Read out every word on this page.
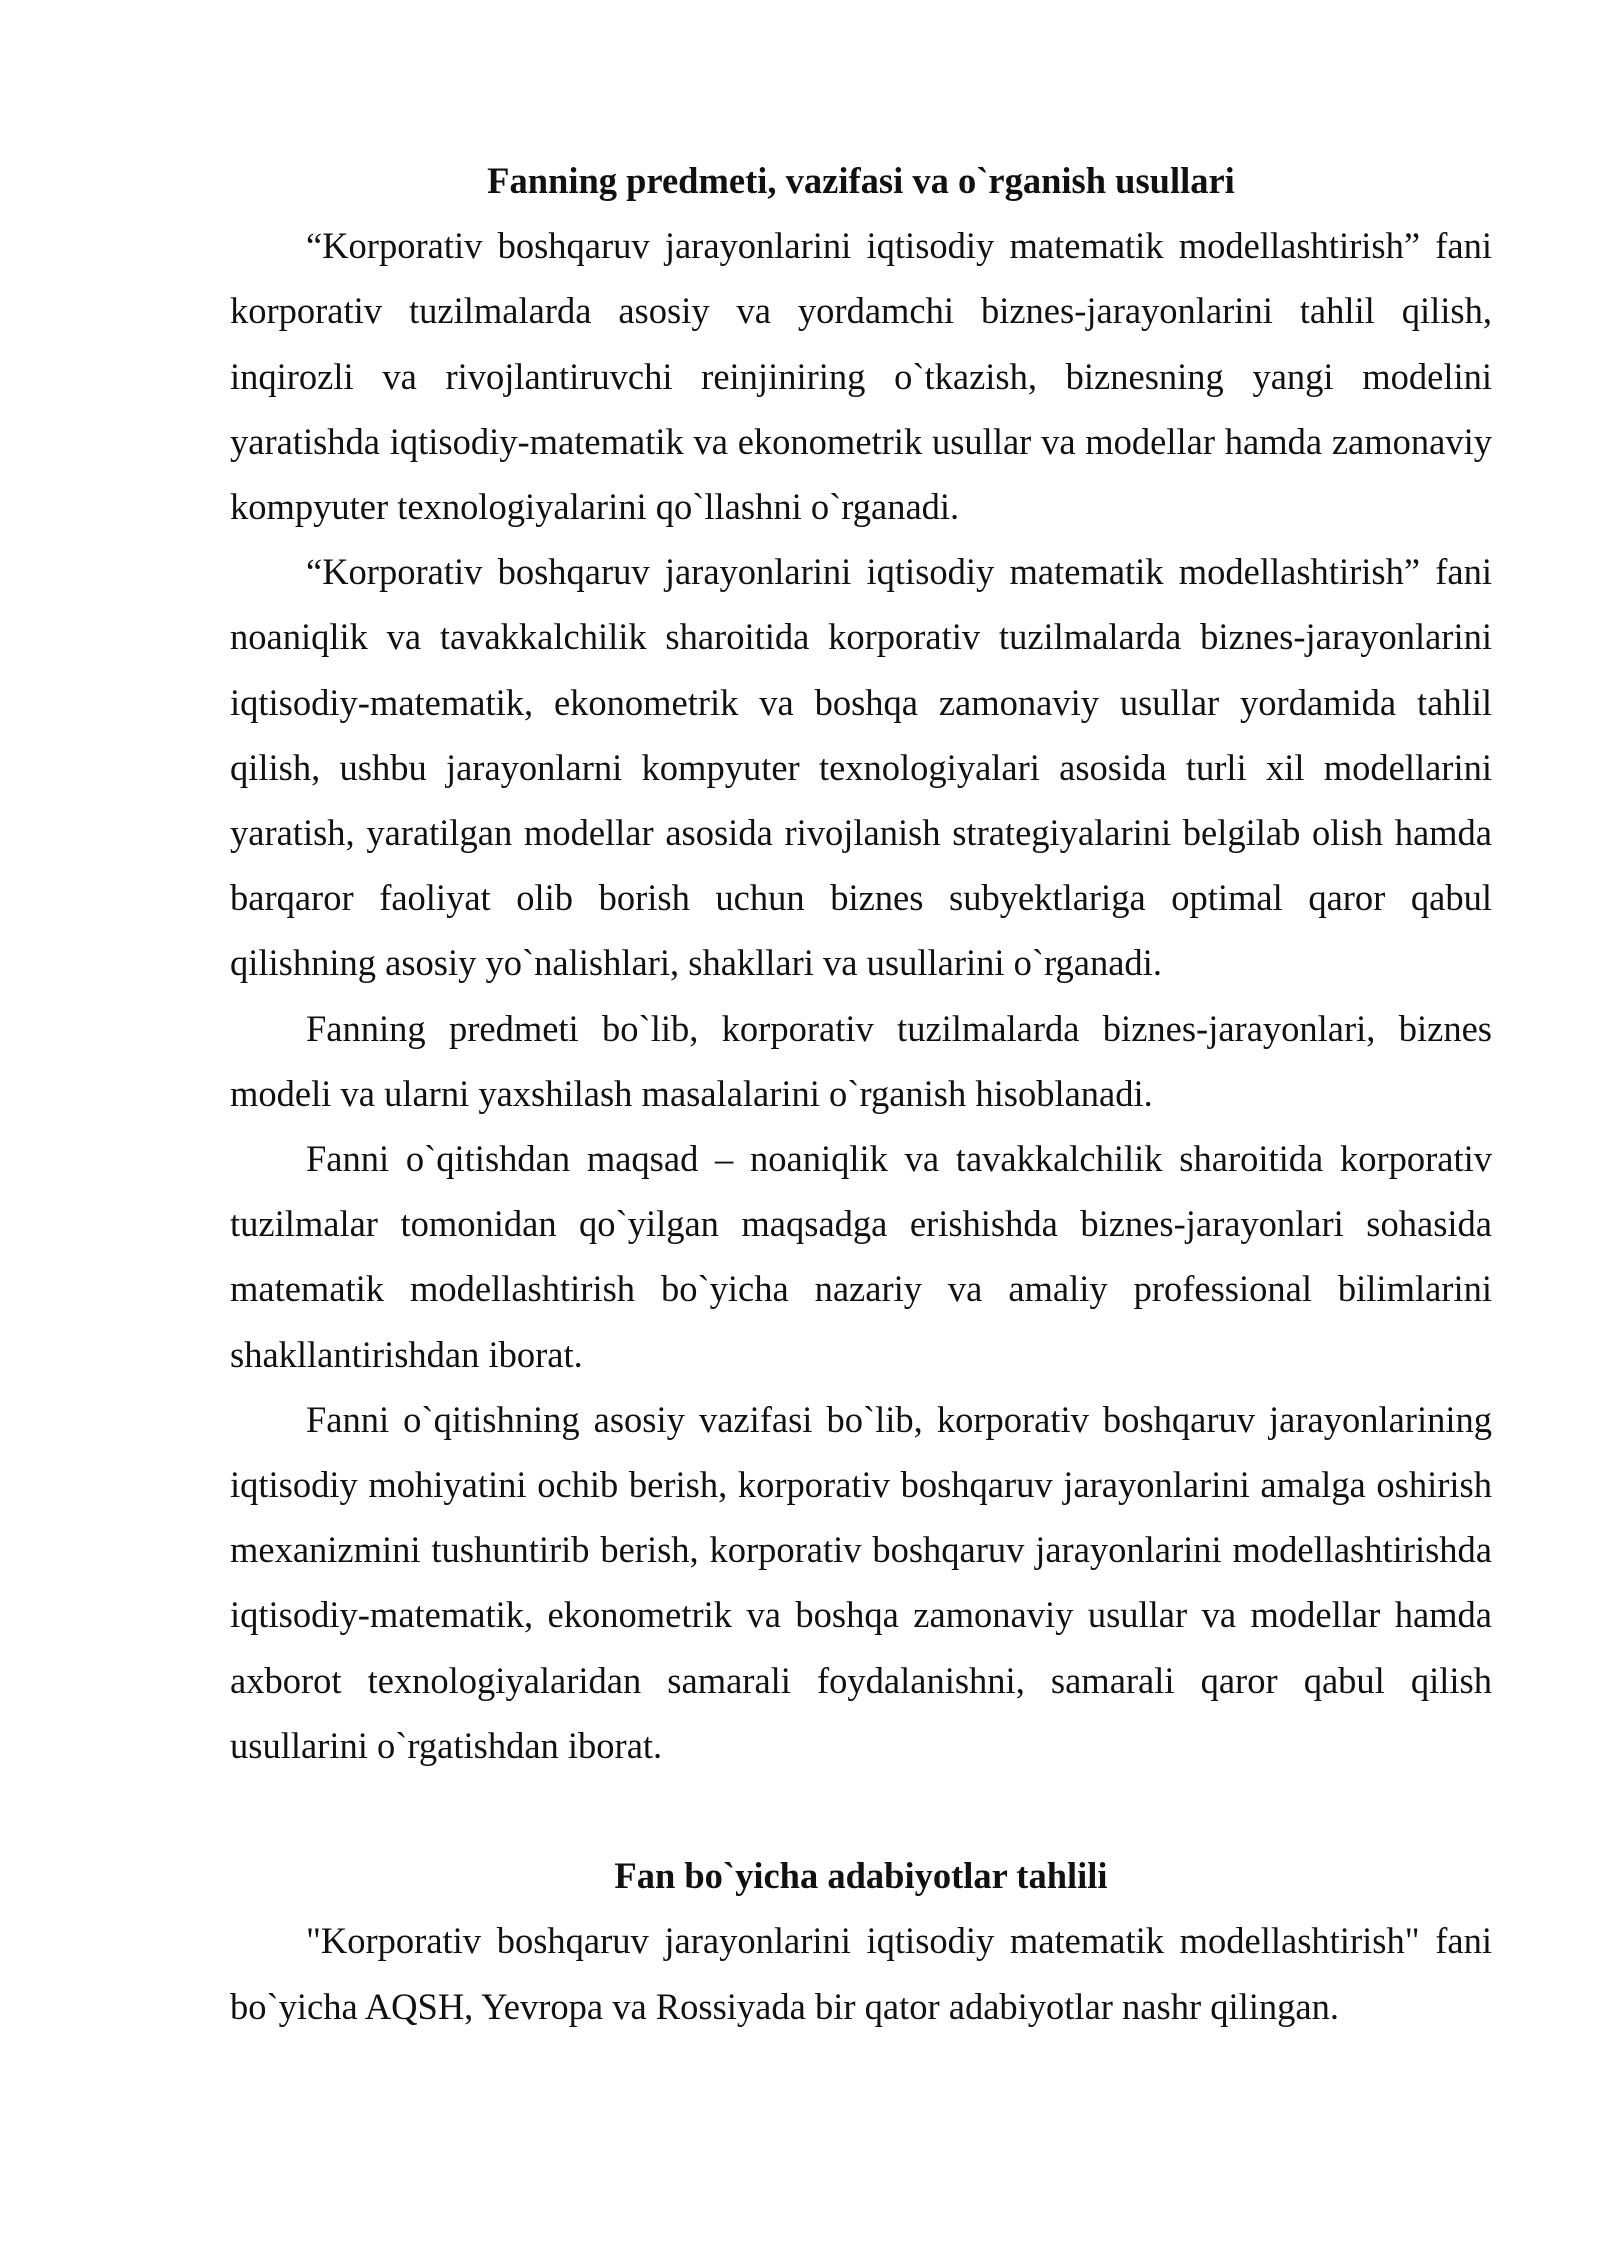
Fanning predmeti, vazifasi va o`rganish usullari

“Korporativ boshqaruv jarayonlarini iqtisodiy matematik modellashtirish” fani korporativ tuzilmalarda asosiy va yordamchi biznes-jarayonlarini tahlil qilish, inqirozli va rivojlantiruvchi reinjiniring o`tkazish, biznesning yangi modelini yaratishda iqtisodiy-matematik va ekonometrik usullar va modellar hamda zamonaviy kompyuter texnologiyalarini qo`llashni o`rganadi.

“Korporativ boshqaruv jarayonlarini iqtisodiy matematik modellashtirish” fani noaniqlik va tavakkalchilik sharoitida korporativ tuzilmalarda biznes-jarayonlarini iqtisodiy-matematik, ekonometrik va boshqa zamonaviy usullar yordamida tahlil qilish, ushbu jarayonlarni kompyuter texnologiyalari asosida turli xil modellarini yaratish, yaratilgan modellar asosida rivojlanish strategiyalarini belgilab olish hamda barqaror faoliyat olib borish uchun biznes subyektlariga optimal qaror qabul qilishning asosiy yo`nalishlari, shakllari va usullarini o`rganadi.

Fanning predmeti bo`lib, korporativ tuzilmalarda biznes-jarayonlari, biznes modeli va ularni yaxshilash masalalarini o`rganish hisoblanadi.

Fanni o`qitishdan maqsad – noaniqlik va tavakkalchilik sharoitida korporativ tuzilmalar tomonidan qo`yilgan maqsadga erishishda biznes-jarayonlari sohasida matematik modellashtirish bo`yicha nazariy va amaliy professional bilimlarini shakllantirishdan iborat.

Fanni o`qitishning asosiy vazifasi bo`lib, korporativ boshqaruv jarayonlarining iqtisodiy mohiyatini ochib berish, korporativ boshqaruv jarayonlarini amalga oshirish mexanizmini tushuntirib berish, korporativ boshqaruv jarayonlarini modellashtirishda iqtisodiy-matematik, ekonometrik va boshqa zamonaviy usullar va modellar hamda axborot texnologiyalaridan samarali foydalanishni, samarali qaror qabul qilish usullarini o`rgatishdan iborat.

Fan bo`yicha adabiyotlar tahlili

"Korporativ boshqaruv jarayonlarini iqtisodiy matematik modellashtirish" fani bo`yicha AQSH, Yevropa va Rossiyada bir qator adabiyotlar nashr qilingan.
